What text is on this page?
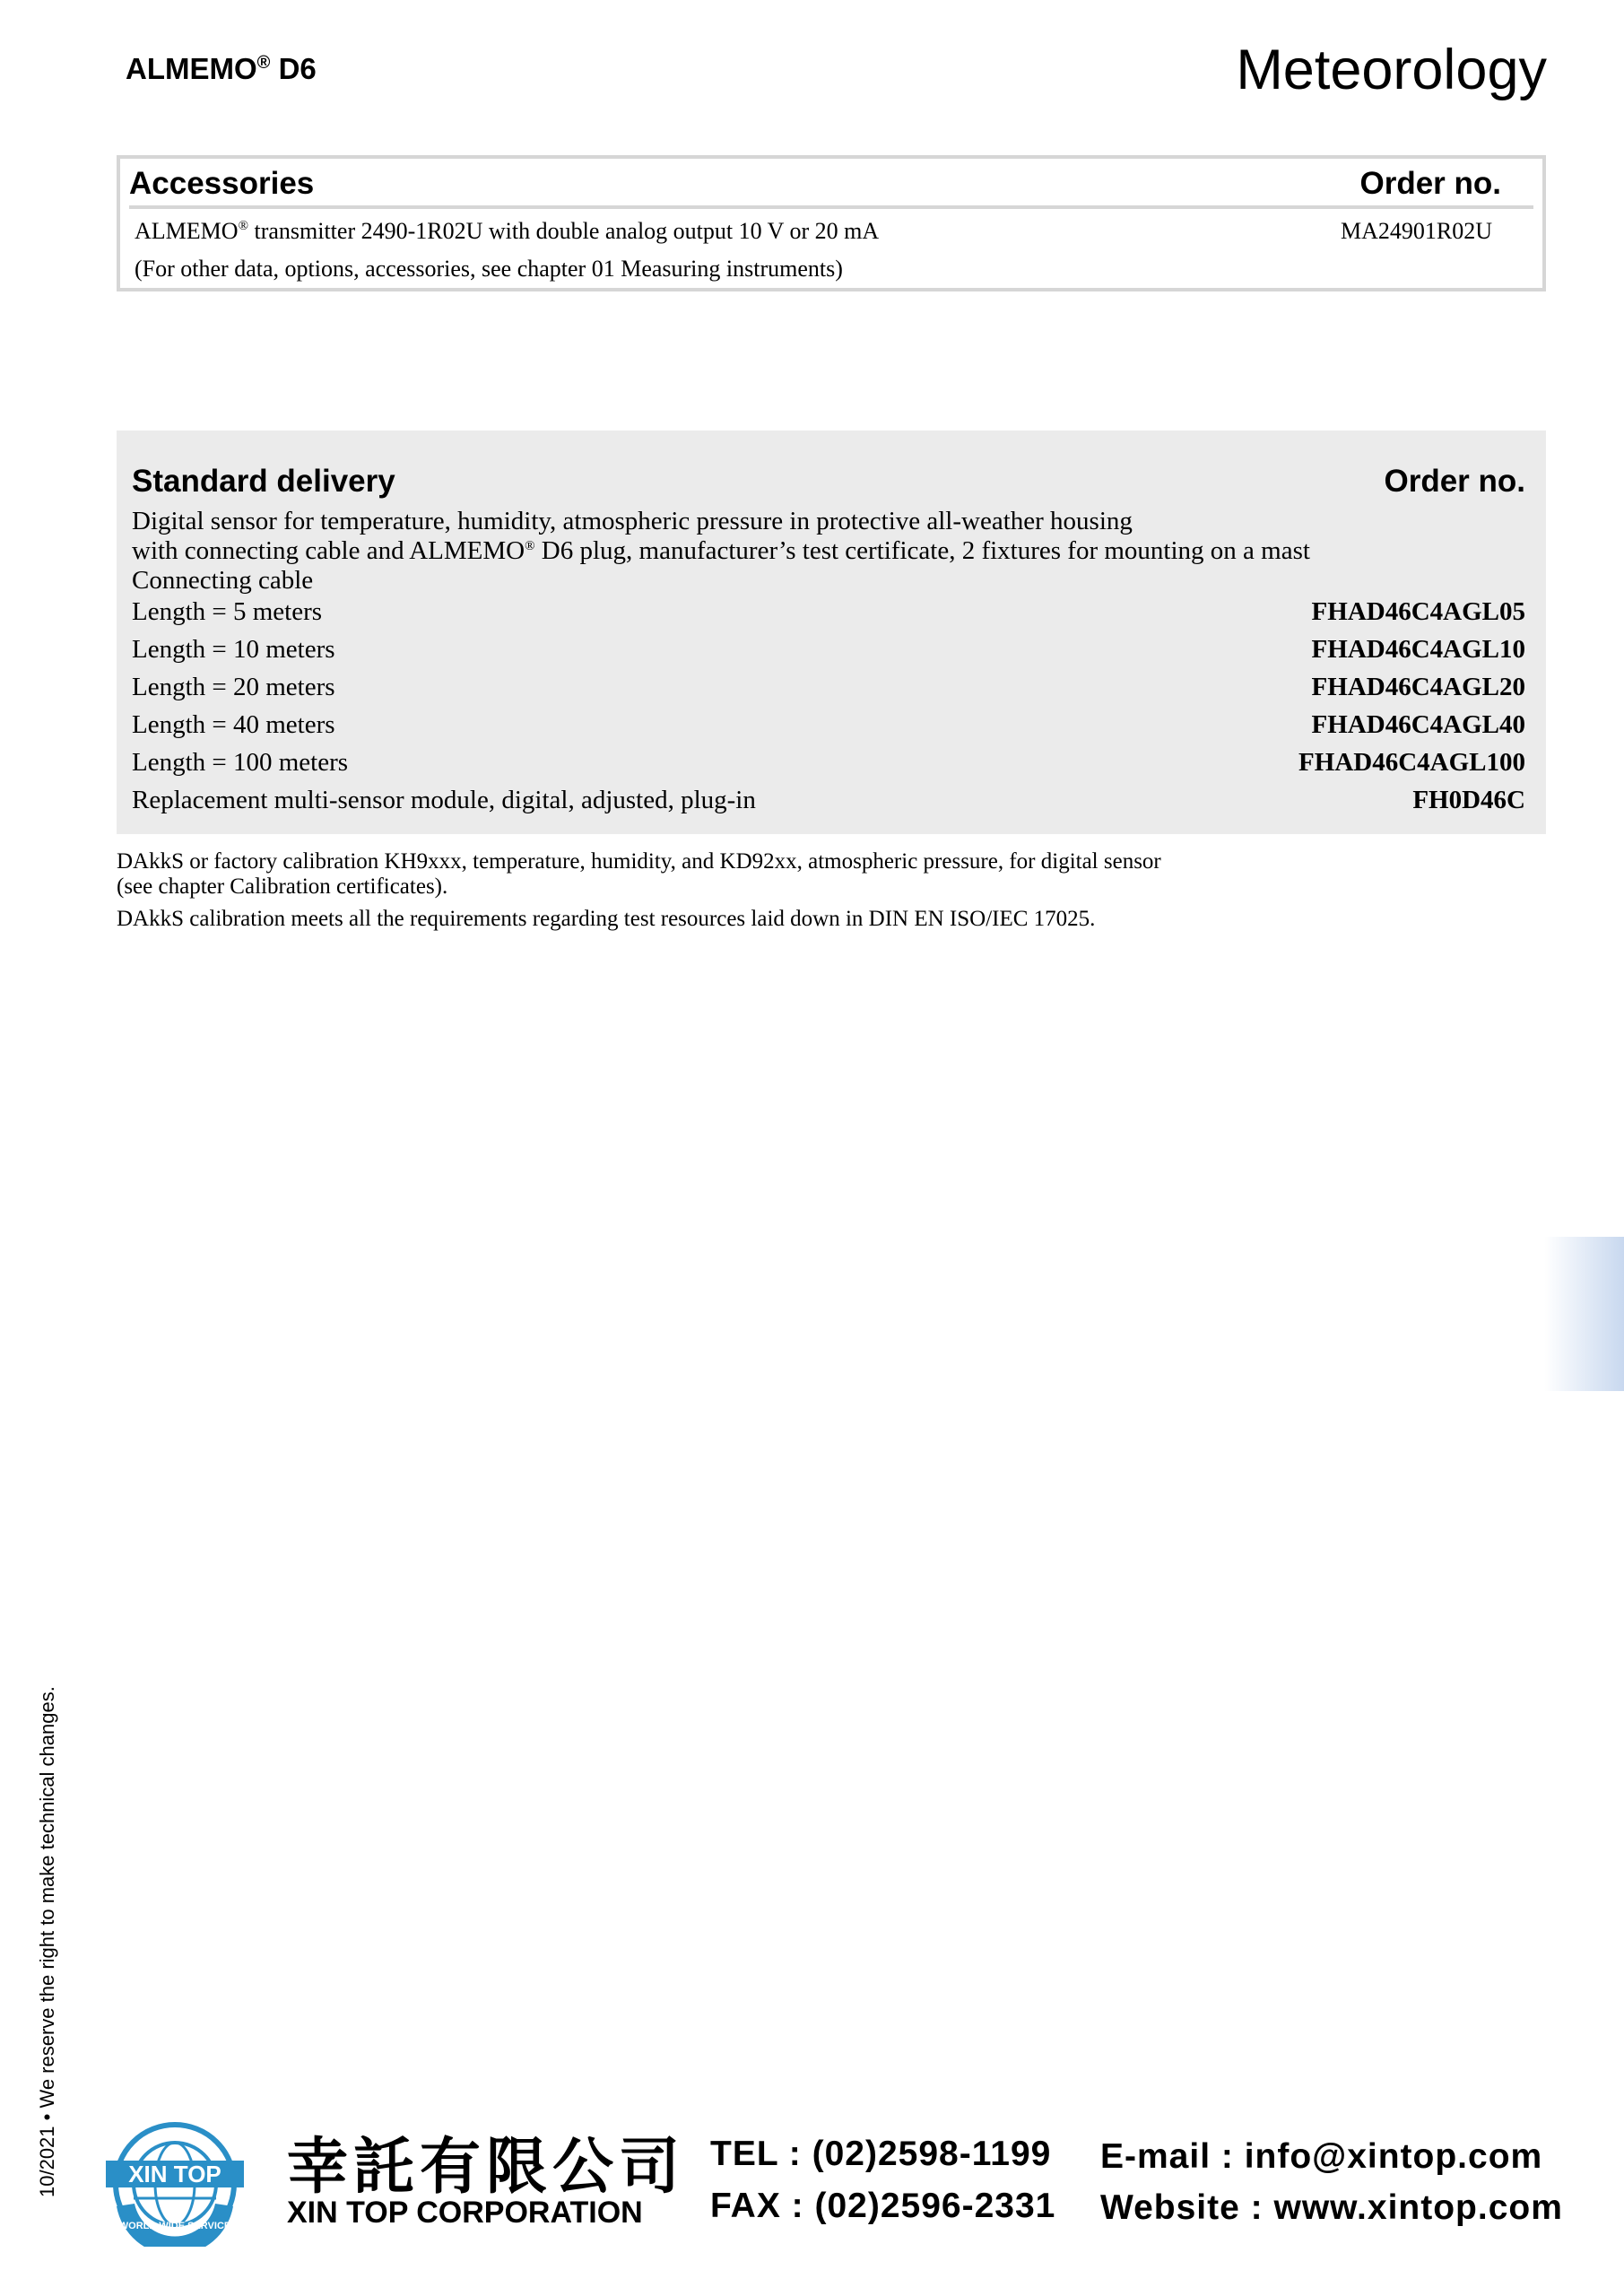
ALMEMO® D6	Meteorology
Accessories	Order no.
ALMEMO® transmitter 2490-1R02U with double analog output 10 V or 20 mA	MA24901R02U
(For other data, options, accessories, see chapter 01 Measuring instruments)
Standard delivery	Order no.
Digital sensor for temperature, humidity, atmospheric pressure in protective all-weather housing
with connecting cable and ALMEMO® D6 plug, manufacturer’s test certificate, 2 fixtures for mounting on a mast
Connecting cable
Length = 5 meters	FHAD46C4AGL05
Length = 10 meters	FHAD46C4AGL10
Length = 20 meters	FHAD46C4AGL20
Length = 40 meters	FHAD46C4AGL40
Length = 100 meters	FHAD46C4AGL100
Replacement multi-sensor module, digital, adjusted, plug-in	FH0D46C
DAkkS or factory calibration KH9xxx, temperature, humidity, and KD92xx, atmospheric pressure, for digital sensor
(see chapter Calibration certificates).
DAkkS calibration meets all the requirements regarding test resources laid down in DIN EN ISO/IEC 17025.
10/2021 • We reserve the right to make technical changes.	XIN TOP
WORLD WIDE SERVICE
幸託有限公司
XIN TOP CORPORATION
TEL : (02)2598-1199
FAX : (02)2596-2331
E-mail : info@xintop.com
Website : www.xintop.com
